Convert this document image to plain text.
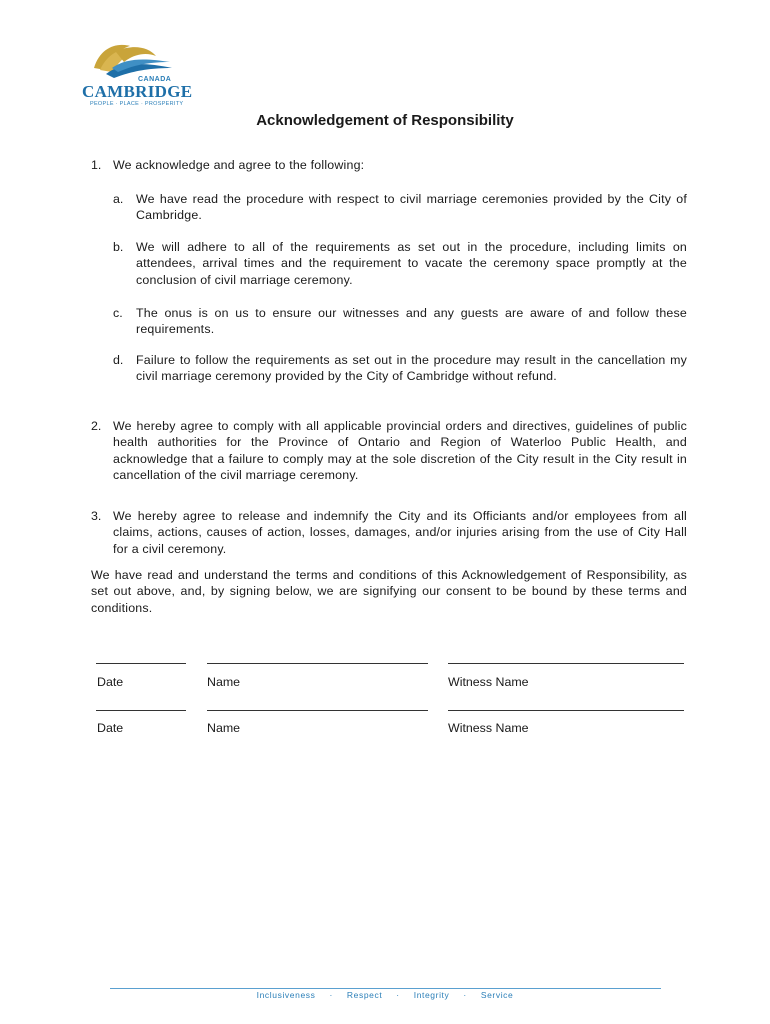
CANADA
CAMBRIDGE
PEOPLE · PLACE · PROSPERITY
Acknowledgement of Responsibility
1. We acknowledge and agree to the following:
a. We have read the procedure with respect to civil marriage ceremonies provided by the City of Cambridge.
b. We will adhere to all of the requirements as set out in the procedure, including limits on attendees, arrival times and the requirement to vacate the ceremony space promptly at the conclusion of civil marriage ceremony.
c. The onus is on us to ensure our witnesses and any guests are aware of and follow these requirements.
d. Failure to follow the requirements as set out in the procedure may result in the cancellation my civil marriage ceremony provided by the City of Cambridge without refund.
2. We hereby agree to comply with all applicable provincial orders and directives, guidelines of public health authorities for the Province of Ontario and Region of Waterloo Public Health, and acknowledge that a failure to comply may at the sole discretion of the City result in the City result in cancellation of the civil marriage ceremony.
3. We hereby agree to release and indemnify the City and its Officiants and/or employees from all claims, actions, causes of action, losses, damages, and/or injuries arising from the use of City Hall for a civil ceremony.
We have read and understand the terms and conditions of this Acknowledgement of Responsibility, as set out above, and, by signing below, we are signifying our consent to be bound by these terms and conditions.
Date	Name	Witness Name
Date	Name	Witness Name
Inclusiveness · Respect · Integrity · Service
